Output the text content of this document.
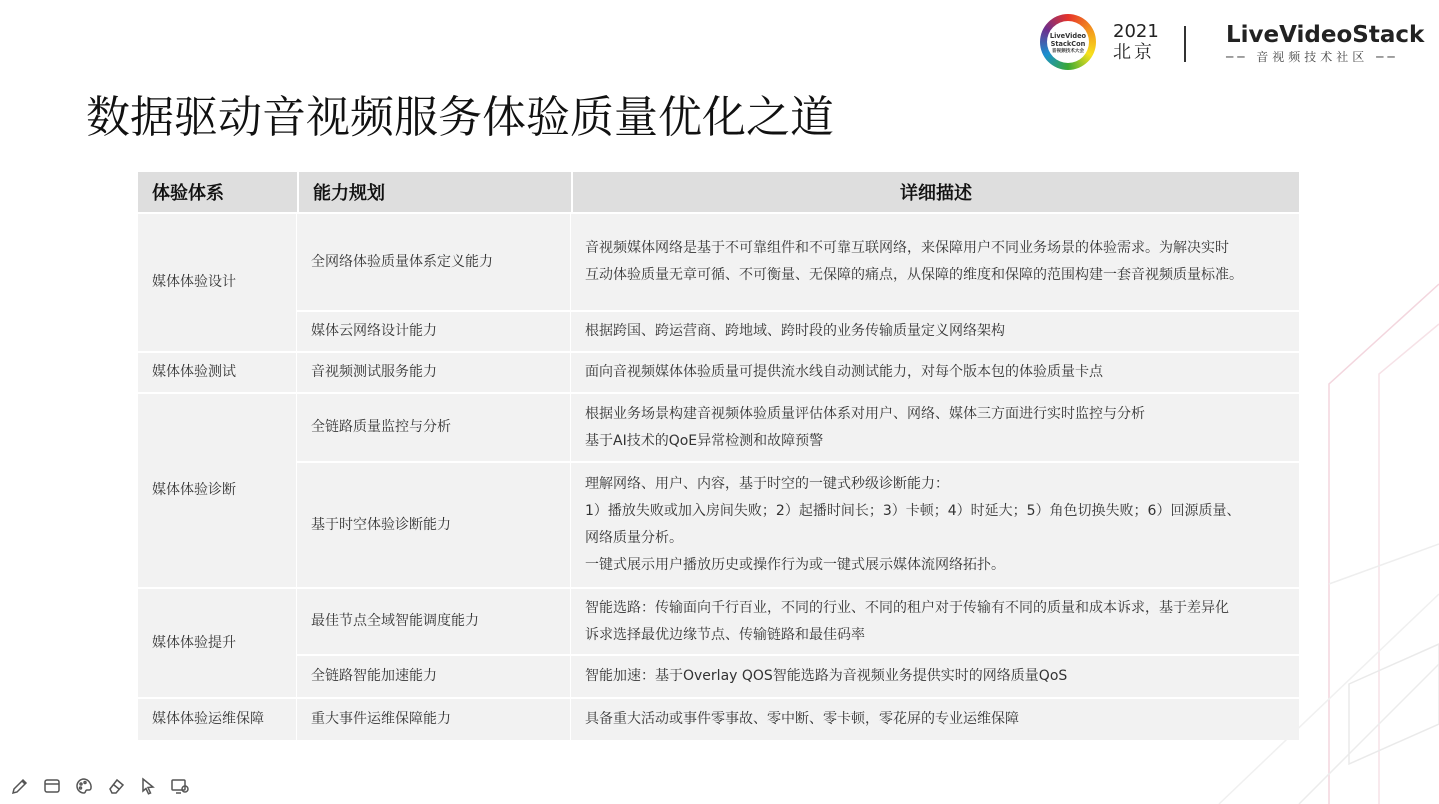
LiveVideo
StackCon
音视频技术大会
2021
北京
LiveVideoStack
── 音视频技术社区 ──
数据驱动音视频服务体验质量优化之道
体验体系	能力规划	详细描述
媒体体验设计	全网络体验质量体系定义能力	音视频媒体网络是基于不可靠组件和不可靠互联网络，来保障用户不同业务场景的体验需求。为解决实时
互动体验质量无章可循、不可衡量、无保障的痛点，从保障的维度和保障的范围构建一套音视频质量标准。

	媒体云网络设计能力	根据跨国、跨运营商、跨地域、跨时段的业务传输质量定义网络架构

媒体体验测试	音视频测试服务能力	面向音视频媒体体验质量可提供流水线自动测试能力，对每个版本包的体验质量卡点

媒体体验诊断	全链路质量监控与分析	根据业务场景构建音视频体验质量评估体系对用户、网络、媒体三方面进行实时监控与分析
基于AI技术的QoE异常检测和故障预警

	基于时空体验诊断能力	理解网络、用户、内容，基于时空的一键式秒级诊断能力：
1）播放失败或加入房间失败；2）起播时间长；3）卡顿；4）时延大；5）角色切换失败；6）回源质量、
网络质量分析。
一键式展示用户播放历史或操作行为或一键式展示媒体流网络拓扑。

媒体体验提升	最佳节点全域智能调度能力	智能选路：传输面向千行百业，不同的行业、不同的租户对于传输有不同的质量和成本诉求，基于差异化
诉求选择最优边缘节点、传输链路和最佳码率

	全链路智能加速能力	智能加速：基于Overlay QOS智能选路为音视频业务提供实时的网络质量QoS

媒体体验运维保障	重大事件运维保障能力	具备重大活动或事件零事故、零中断、零卡顿，零花屏的专业运维保障
